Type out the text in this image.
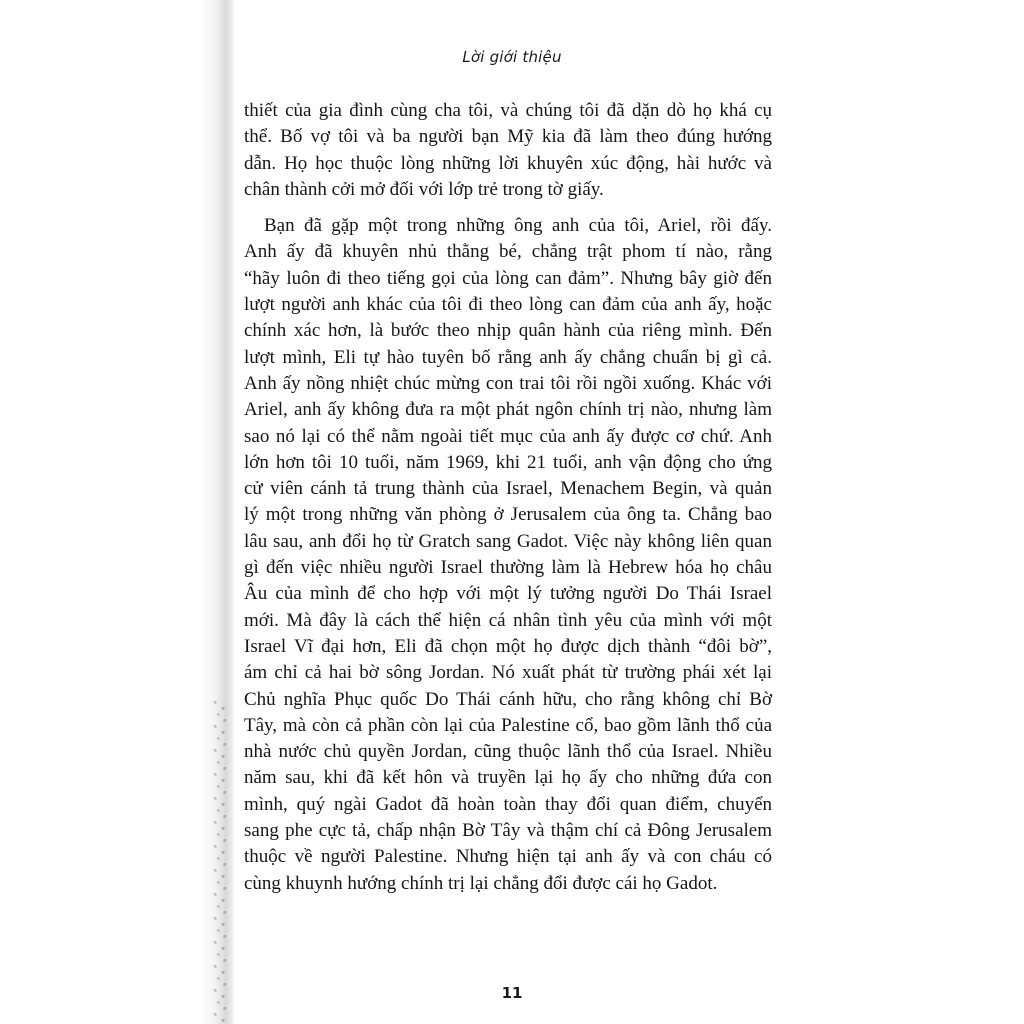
Lời giới thiệu
thiết của gia đình cùng cha tôi, và chúng tôi đã dặn dò họ khá cụ
thể. Bố vợ tôi và ba người bạn Mỹ kia đã làm theo đúng hướng
dẫn. Họ học thuộc lòng những lời khuyên xúc động, hài hước và
chân thành cởi mở đối với lớp trẻ trong tờ giấy.
Bạn đã gặp một trong những ông anh của tôi, Ariel, rồi đấy.
Anh ấy đã khuyên nhủ thằng bé, chẳng trật phom tí nào, rằng
“hãy luôn đi theo tiếng gọi của lòng can đảm”. Nhưng bây giờ đến
lượt người anh khác của tôi đi theo lòng can đảm của anh ấy, hoặc
chính xác hơn, là bước theo nhịp quân hành của riêng mình. Đến
lượt mình, Eli tự hào tuyên bố rằng anh ấy chẳng chuẩn bị gì cả.
Anh ấy nồng nhiệt chúc mừng con trai tôi rồi ngồi xuống. Khác với
Ariel, anh ấy không đưa ra một phát ngôn chính trị nào, nhưng làm
sao nó lại có thể nằm ngoài tiết mục của anh ấy được cơ chứ. Anh
lớn hơn tôi 10 tuổi, năm 1969, khi 21 tuổi, anh vận động cho ứng
cử viên cánh tả trung thành của Israel, Menachem Begin, và quản
lý một trong những văn phòng ở Jerusalem của ông ta. Chẳng bao
lâu sau, anh đổi họ từ Gratch sang Gadot. Việc này không liên quan
gì đến việc nhiều người Israel thường làm là Hebrew hóa họ châu
Âu của mình để cho hợp với một lý tưởng người Do Thái Israel
mới. Mà đây là cách thể hiện cá nhân tình yêu của mình với một
Israel Vĩ đại hơn, Eli đã chọn một họ được dịch thành “đôi bờ”,
ám chỉ cả hai bờ sông Jordan. Nó xuất phát từ trường phái xét lại
Chủ nghĩa Phục quốc Do Thái cánh hữu, cho rằng không chỉ Bờ
Tây, mà còn cả phần còn lại của Palestine cổ, bao gồm lãnh thổ của
nhà nước chủ quyền Jordan, cũng thuộc lãnh thổ của Israel. Nhiều
năm sau, khi đã kết hôn và truyền lại họ ấy cho những đứa con
mình, quý ngài Gadot đã hoàn toàn thay đổi quan điểm, chuyển
sang phe cực tả, chấp nhận Bờ Tây và thậm chí cả Đông Jerusalem
thuộc về người Palestine. Nhưng hiện tại anh ấy và con cháu có
cùng khuynh hướng chính trị lại chẳng đổi được cái họ Gadot.
11
